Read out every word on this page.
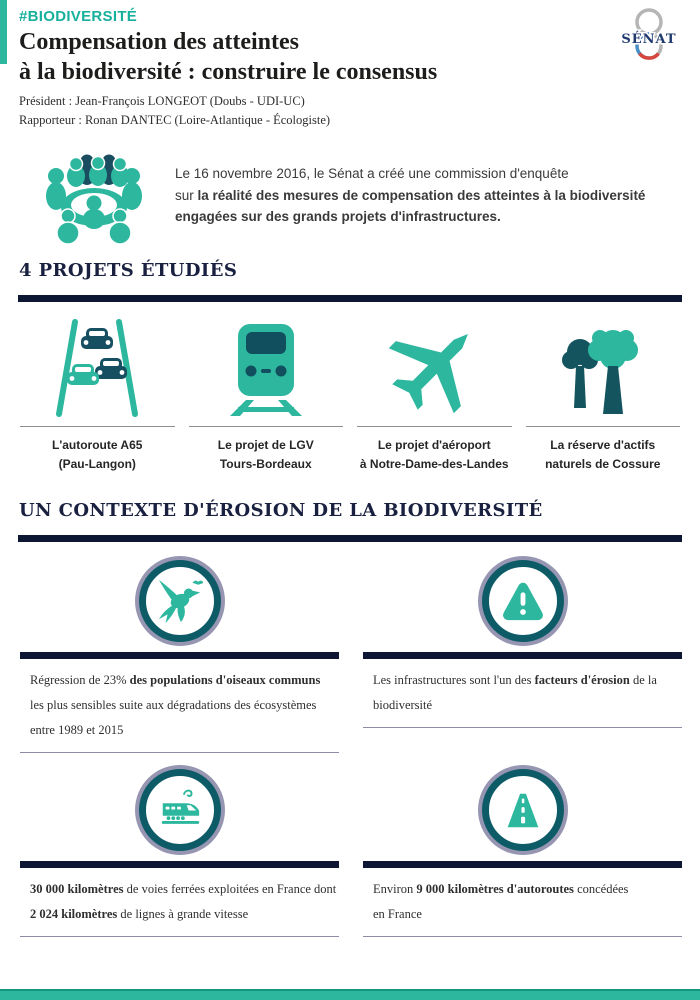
#BIODIVERSITÉ
Compensation des atteintes
à la biodiversité : construire le consensus
Président : Jean-François LONGEOT (Doubs - UDI-UC)
Rapporteur : Ronan DANTEC (Loire-Atlantique - Écologiste)
SÉNAT
Le 16 novembre 2016, le Sénat a créé une commission d'enquête
sur la réalité des mesures de compensation des atteintes à la biodiversité
engagées sur des grands projets d'infrastructures.
4 PROJETS ÉTUDIÉS
L'autoroute A65
(Pau-Langon)
Le projet de LGV
Tours-Bordeaux
Le projet d'aéroport
à Notre-Dame-des-Landes
La réserve d'actifs
naturels de Cossure
UN CONTEXTE D'ÉROSION DE LA BIODIVERSITÉ
Régression de 23% des populations d'oiseaux communs les plus sensibles suite aux dégradations des écosystèmes entre 1989 et 2015
Les infrastructures sont l'un des facteurs d'érosion de la biodiversité
30 000 kilomètres de voies ferrées exploitées en France dont 2 024 kilomètres de lignes à grande vitesse
Environ 9 000 kilomètres d'autoroutes concédées en France
